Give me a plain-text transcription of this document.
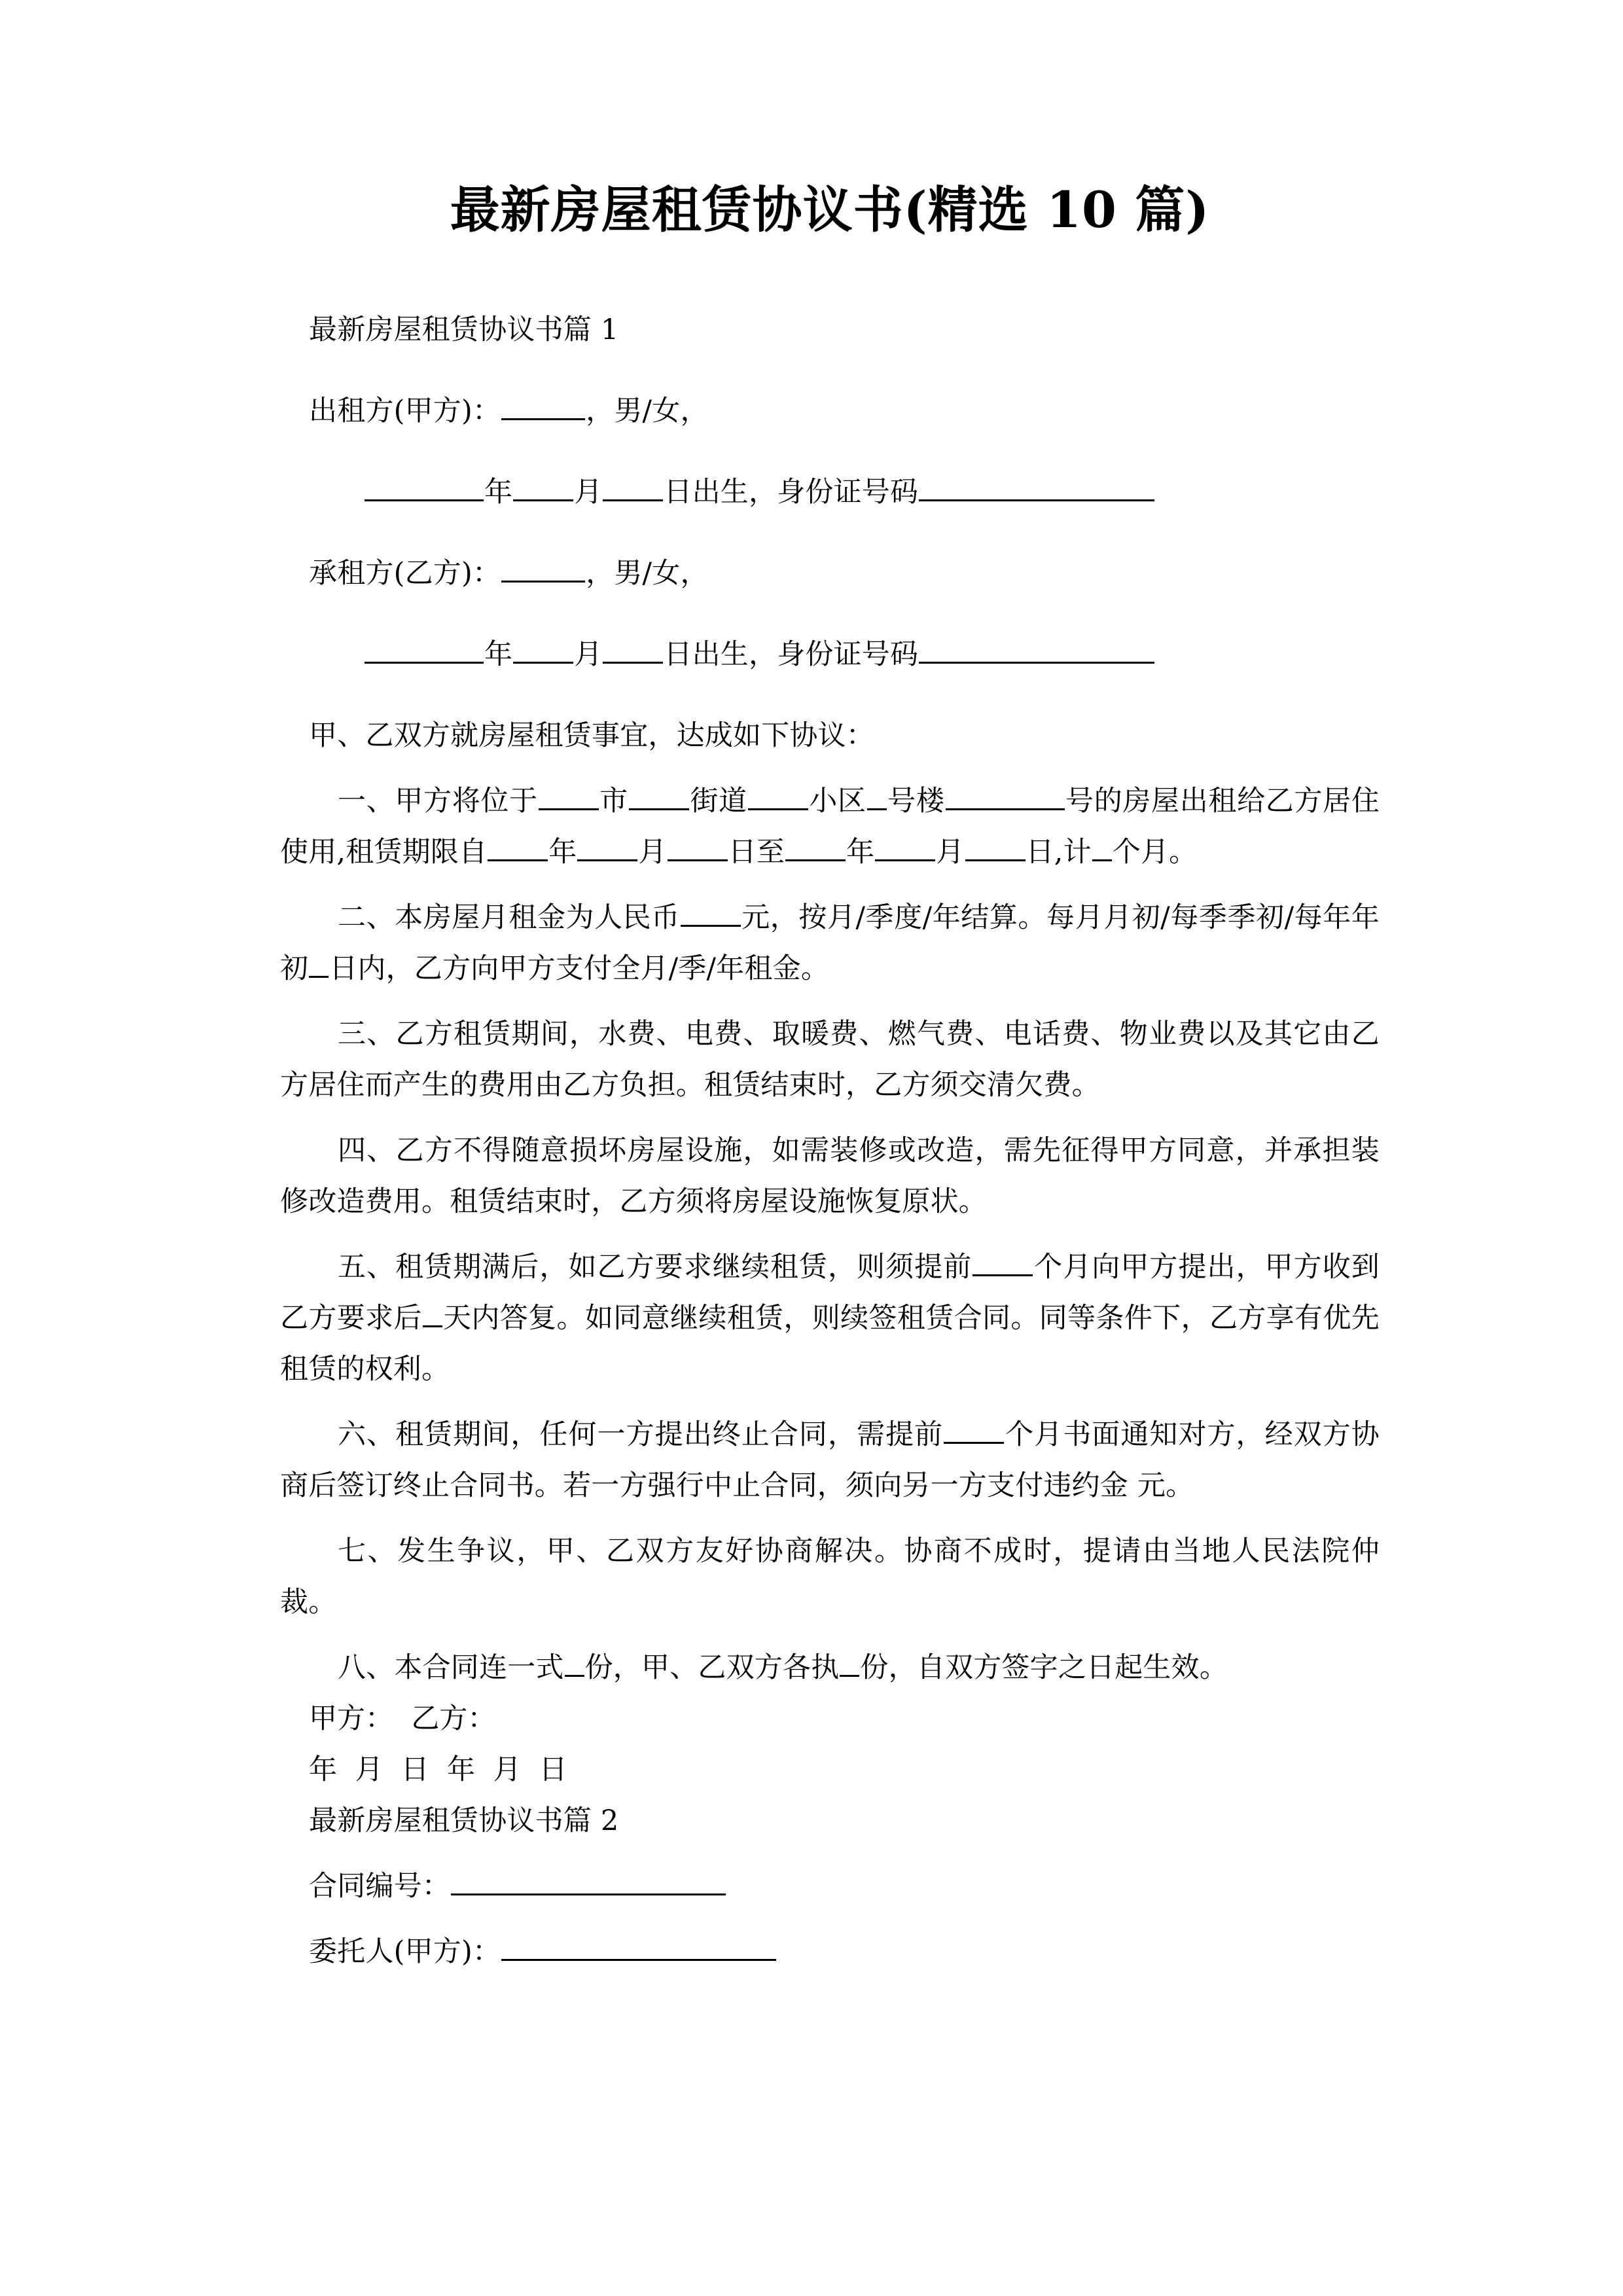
最新房屋租赁协议书(精选 10 篇)

最新房屋租赁协议书篇 1

出租方(甲方)：	，男/女，

年 月 日出生，身份证号码

承租方(乙方)：	，男/女，

年 月 日出生，身份证号码

甲、乙双方就房屋租赁事宜，达成如下协议：

一、甲方将位于 市 街道 小区 号楼	号的房屋出租给乙方居住使用,租赁期限自 年 月 日至 年 月 日,计 个月。

二、本房屋月租金为人民币 元，按月/季度/年结算。每月月初/每季季初/每年年初 日内，乙方向甲方支付全月/季/年租金。

三、乙方租赁期间，水费、电费、取暖费、燃气费、电话费、物业费以及其它由乙方居住而产生的费用由乙方负担。租赁结束时，乙方须交清欠费。

四、乙方不得随意损坏房屋设施，如需装修或改造，需先征得甲方同意，并承担装修改造费用。租赁结束时，乙方须将房屋设施恢复原状。

五、租赁期满后，如乙方要求继续租赁，则须提前 个月向甲方提出，甲方收到乙方要求后 天内答复。如同意继续租赁，则续签租赁合同。同等条件下，乙方享有优先租赁的权利。

六、租赁期间，任何一方提出终止合同，需提前 个月书面通知对方，经双方协商后签订终止合同书。若一方强行中止合同，须向另一方支付违约金 元。

七、发生争议，甲、乙双方友好协商解决。协商不成时，提请由当地人民法院仲裁。

八、本合同连一式 份，甲、乙双方各执 份，自双方签字之日起生效。

甲方：  乙方：

年  月  日  年  月  日

最新房屋租赁协议书篇 2

合同编号：

委托人(甲方)：
